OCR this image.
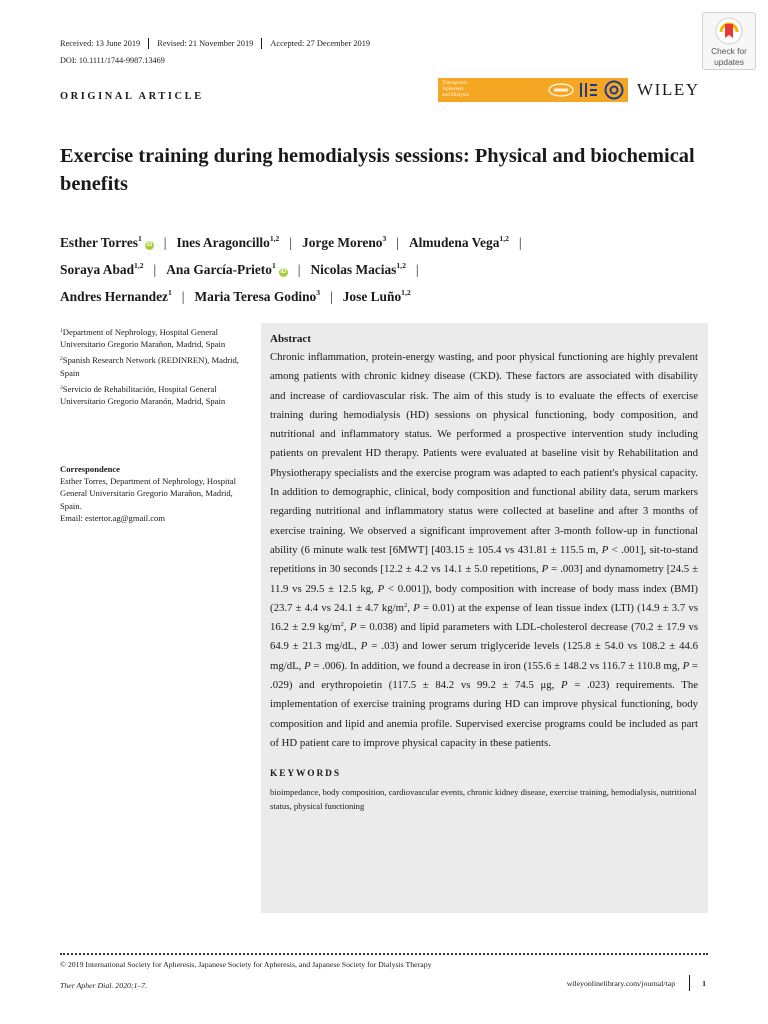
Received: 13 June 2019 Revised: 21 November 2019 Accepted: 27 December 2019
DOI: 10.1111/1744-9987.13469
Check for
updates
ORIGINAL ARTICLE
Therapeutic
Apheresis
and Dialysis	WILEY
Exercise training during hemodialysis sessions: Physical and biochemical benefits
Esther Torres$^1$iD | Ines Aragoncillo$^{1,2}$ | Jorge Moreno$^3$ | Almudena Vega$^{1,2}$ |
Soraya Abad$^{1,2}$ | Ana García-Prieto$^1$iD | Nicolas Macias$^{1,2}$ |
Andres Hernandez$^1$ | Maria Teresa Godino$^3$ | Jose Luño$^{1,2}$
$^1$Department of Nephrology, Hospital General Universitario Gregorio Marañon, Madrid, Spain
$^2$Spanish Research Network (REDINREN), Madrid, Spain
$^3$Servicio de Rehabilitación, Hospital General Universitario Gregorio Maranón, Madrid, Spain
Correspondence
Esther Torres, Department of Nephrology, Hospital General Universitario Gregorio Marañon, Madrid, Spain.
Email: estertor.ag@gmail.com
Abstract

Chronic inflammation, protein-energy wasting, and poor physical functioning are highly prevalent among patients with chronic kidney disease (CKD). These factors are associated with disability and increase of cardiovascular risk. The aim of this study is to evaluate the effects of exercise training during hemodialysis (HD) sessions on physical functioning, body composition, and nutritional and inflammatory status. We performed a prospective intervention study including patients on prevalent HD therapy. Patients were evaluated at baseline visit by Rehabilitation and Physiotherapy specialists and the exercise program was adapted to each patient's physical capacity. In addition to demographic, clinical, body composition and functional ability data, serum markers regarding nutritional and inflammatory status were collected at baseline and after 3 months of exercise training. We observed a significant improvement after 3-month follow-up in functional ability (6 minute walk test [6MWT] [403.15 ± 105.4 vs 431.81 ± 115.5 m, P < .001], sit-to-stand repetitions in 30 seconds [12.2 ± 4.2 vs 14.1 ± 5.0 repetitions, P = .003] and dynamometry [24.5 ± 11.9 vs 29.5 ± 12.5 kg, P < 0.001]), body composition with increase of body mass index (BMI) (23.7 ± 4.4 vs 24.1 ± 4.7 $kg/m^2$, P = 0.01) at the expense of lean tissue index (LTI) (14.9 ± 3.7 vs 16.2 ± 2.9 $kg/m^2$, P = 0.038) and lipid parameters with LDL-cholesterol decrease (70.2 ± 17.9 vs 64.9 ± 21.3 mg/dL, P = .03) and lower serum triglyceride levels (125.8 ± 54.0 vs 108.2 ± 44.6 mg/dL, P = .006). In addition, we found a decrease in iron (155.6 ± 148.2 vs 116.7 ± 110.8 mg, P = .029) and erythropoietin (117.5 ± 84.2 vs 99.2 ± 74.5 μg, P = .023) requirements. The implementation of exercise training programs during HD can improve physical functioning, body composition and lipid and anemia profile. Supervised exercise programs could be included as part of HD patient care to improve physical capacity in these patients.

KEYWORDS
bioimpedance, body composition, cardiovascular events, chronic kidney disease, exercise training, hemodialysis, nutritional status, physical functioning
© 2019 International Society for Apheresis, Japanese Society for Apheresis, and Japanese Society for Dialysis Therapy
Ther Apher Dial. 2020;1–7.	wileyonlinelibrary.com/journal/tap	1
